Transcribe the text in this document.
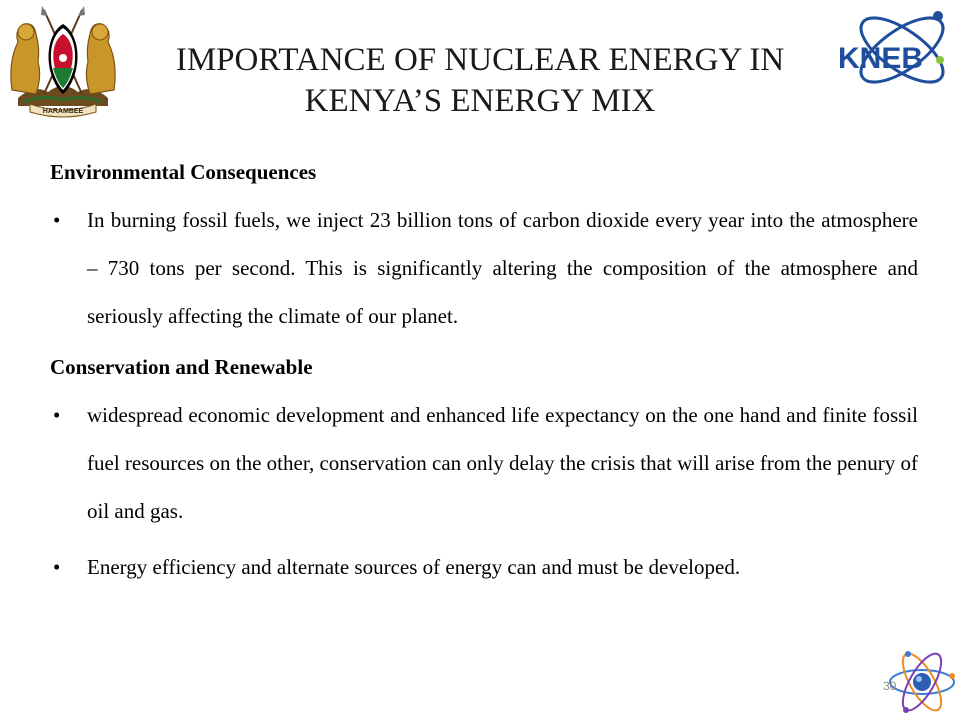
HARAMBEE
KNEB
IMPORTANCE OF NUCLEAR ENERGY IN
KENYA’S ENERGY MIX

Environmental Consequences

• In burning fossil fuels, we inject 23 billion tons of carbon dioxide every year into the atmosphere – 730 tons per second. This is significantly altering the composition of the atmosphere and seriously affecting the climate of our planet.

Conservation and Renewable

• widespread economic development and enhanced life expectancy on the one hand and finite fossil fuel resources on the other, conservation can only delay the crisis that will arise from the penury of oil and gas.

• Energy efficiency and alternate sources of energy can and must be developed.

30
